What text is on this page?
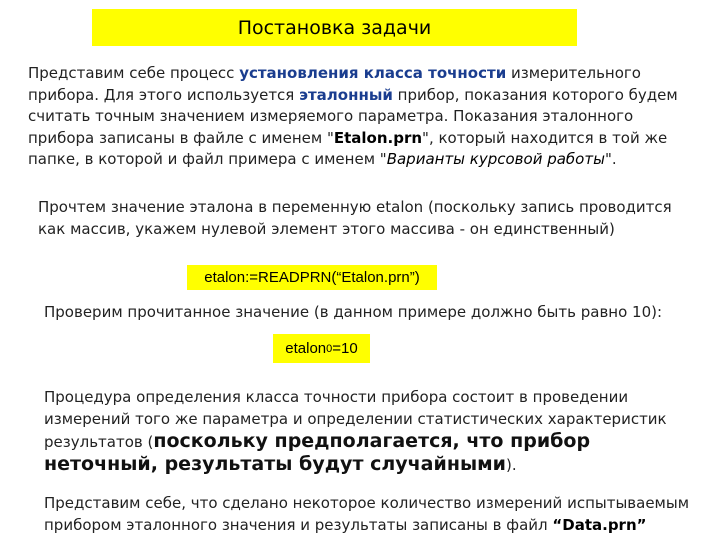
Постановка задачи

Представим себе процесс установления класса точности измерительного прибора. Для этого используется эталонный прибор, показания которого будем считать точным значением измеряемого параметра. Показания эталонного прибора записаны в файле с именем "Etalon.prn", который находится в той же папке, в которой и файл примера с именем "Варианты курсовой работы".

Прочтем значение эталона в переменную etalon (поскольку запись проводится как массив, укажем нулевой элемент этого массива - он единственный)

etalon:=READPRN(“Etalon.prn”)

Проверим прочитанное значение (в данном примере должно быть равно 10):

etalon 0 =10

Процедура определения класса точности прибора состоит в проведении измерений того же параметра и определении статистических характеристик результатов (поскольку предполагается, что прибор неточный, результаты будут случайными).

Представим себе, что сделано некоторое количество измерений испытываемым прибором эталонного значения и результаты записаны в файл “Data.prn”
